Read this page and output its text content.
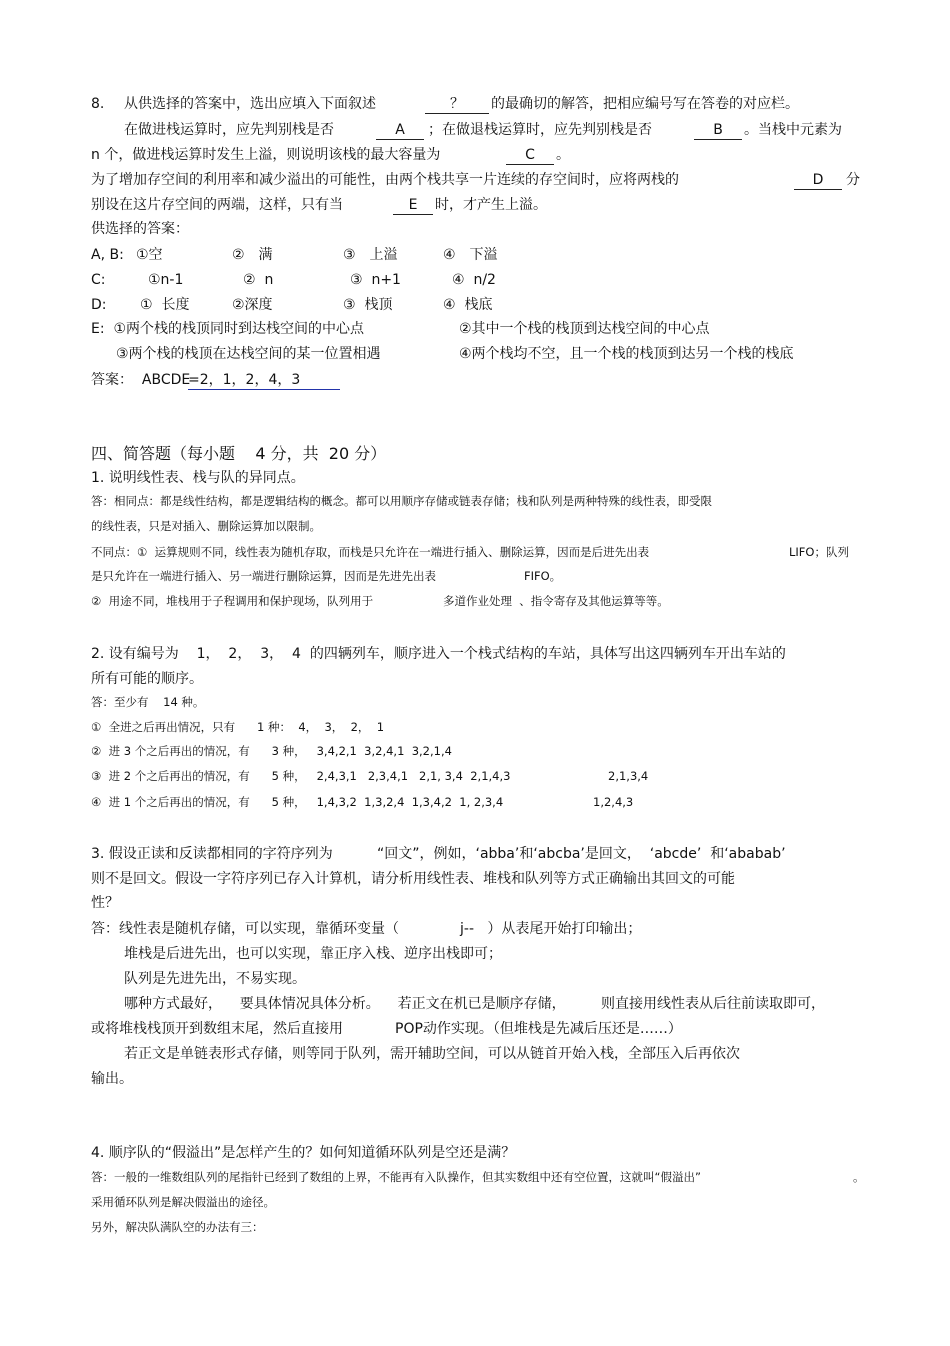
8. 从供选择的答案中，选出应填入下面叙述	？	的最确切的解答，把相应编号写在答卷的对应栏。
在做进栈运算时，应先判别栈是否	A	；在做退栈运算时，应先判别栈是否	B	。当栈中元素为
n 个，做进栈运算时发生上溢，则说明该栈的最大容量为	C	。
为了增加存空间的利用率和减少溢出的可能性，由两个栈共享一片连续的存空间时，应将两栈的	D	分
别设在这片存空间的两端，这样，只有当	E	时，才产生上溢。
供选择的答案：
A, B: ①空	②　满	③　上溢	④　下溢
C:	①n-1	②  n	③  n+1	④  n/2
D: ①  长度	②深度	③  栈顶	④  栈底
E:  ①两个栈的栈顶同时到达栈空间的中心点	②其中一个栈的栈顶到达栈空间的中心点
③两个栈的栈顶在达栈空间的某一位置相遇	④两个栈均不空，且一个栈的栈顶到达另一个栈的栈底
答案：  ABCDE
=2，1，2，4，3
四、简答题（每小题    4 分，共  20 分）
1. 说明线性表、栈与队的异同点。
答：相同点：都是线性结构，都是逻辑结构的概念。都可以用顺序存储或链表存储；栈和队列是两种特殊的线性表，即受限
的线性表，只是对插入、删除运算加以限制。
不同点：①  运算规则不同，线性表为随机存取，而栈是只允许在一端进行插入、删除运算，因而是后进先出表	LIFO；队列
是只允许在一端进行插入、另一端进行删除运算，因而是先进先出表	FIFO。
②  用途不同，堆栈用于子程调用和保护现场，队列用于	多道作业处理  、指令寄存及其他运算等等。
2. 设有编号为    1，  2，  3，  4  的四辆列车，顺序进入一个栈式结构的车站，具体写出这四辆列车开出车站的
所有可能的顺序。
答：至少有    14 种。
①  全进之后再出情况，只有      1 种：  4，  3，  2，  1
②  进 3 个之后再出的情况，有      3 种，   3,4,2,1  3,2,4,1  3,2,1,4
③  进 2 个之后再出的情况，有      5 种，   2,4,3,1   2,3,4,1   2,1, 3,4  2,1,4,3	2,1,3,4
④  进 1 个之后再出的情况，有      5 种，   1,4,3,2  1,3,2,4  1,3,4,2  1, 2,3,4	1,2,4,3
3. 假设正读和反读都相同的字符序列为	“回文”，例如，‘abba’和‘abcba’是回文，  ‘abcde’  和‘ababab’
则不是回文。假设一字符序列已存入计算机，请分析用线性表、堆栈和队列等方式正确输出其回文的可能
性？
答：线性表是随机存储，可以实现，靠循环变量（	j--   ）从表尾开始打印输出；
堆栈是后进先出，也可以实现，靠正序入栈、逆序出栈即可；
队列是先进先出，不易实现。
哪种方式最好，    要具体情况具体分析。    若正文在机已是顺序存储，	则直接用线性表从后往前读取即可，
或将堆栈栈顶开到数组末尾，然后直接用	POP动作实现。（但堆栈是先减后压还是……）
若正文是单链表形式存储，则等同于队列，需开辅助空间，可以从链首开始入栈，全部压入后再依次
输出。
4. 顺序队的“假溢出”是怎样产生的？如何知道循环队列是空还是满？
答：一般的一维数组队列的尾指针已经到了数组的上界，不能再有入队操作，但其实数组中还有空位置，这就叫“假溢出”	。
采用循环队列是解决假溢出的途径。
另外，解决队满队空的办法有三：
